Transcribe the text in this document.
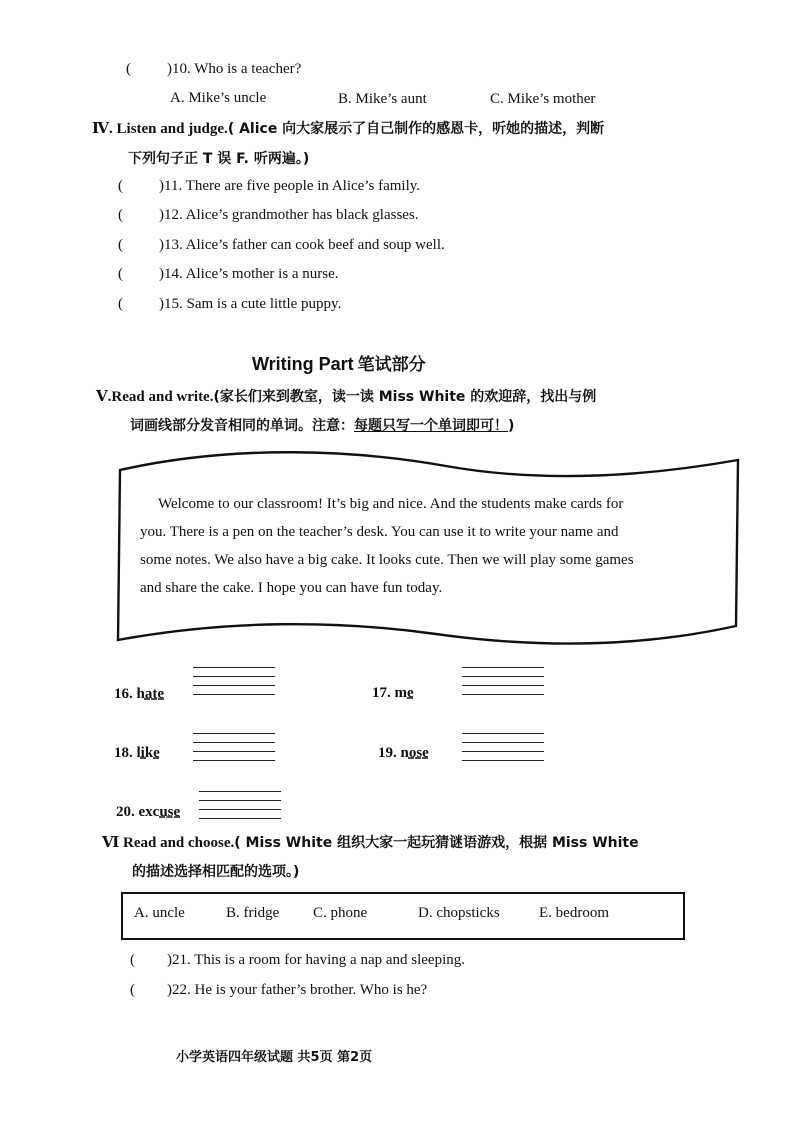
( )10. Who is a teacher?
A. Mike’s uncle	B. Mike’s aunt	C. Mike’s mother
Ⅳ. Listen and judge.( Alice 向大家展示了自己制作的感恩卡，听她的描述，判断
下列句子正 T 误 F. 听两遍。)
( )11. There are five people in Alice’s family.
( )12. Alice’s grandmother has black glasses.
( )13. Alice’s father can cook beef and soup well.
( )14. Alice’s mother is a nurse.
( )15. Sam is a cute little puppy.
Writing Part 笔试部分
Ⅴ.Read and write.(家长们来到教室，读一读 Miss White 的欢迎辞，找出与例
词画线部分发音相同的单词。注意：每题只写一个单词即可！)
Welcome to our classroom! It’s big and nice. And the students make cards for
you. There is a pen on the teacher’s desk. You can use it to write your name and
some notes. We also have a big cake. It looks cute. Then we will play some games
and share the cake. I hope you can have fun today.
16. hate	17. me
18. like	19. nose
20. excuse
Ⅵ Read and choose.( Miss White 组织大家一起玩猜谜语游戏，根据 Miss White
的描述选择相匹配的选项。)
A. uncle	B. fridge C. phone	D. chopsticks	E. bedroom
( )21. This is a room for having a nap and sleeping.
( )22. He is your father’s brother. Who is he?
小学英语四年级试题 共5页 第2页
